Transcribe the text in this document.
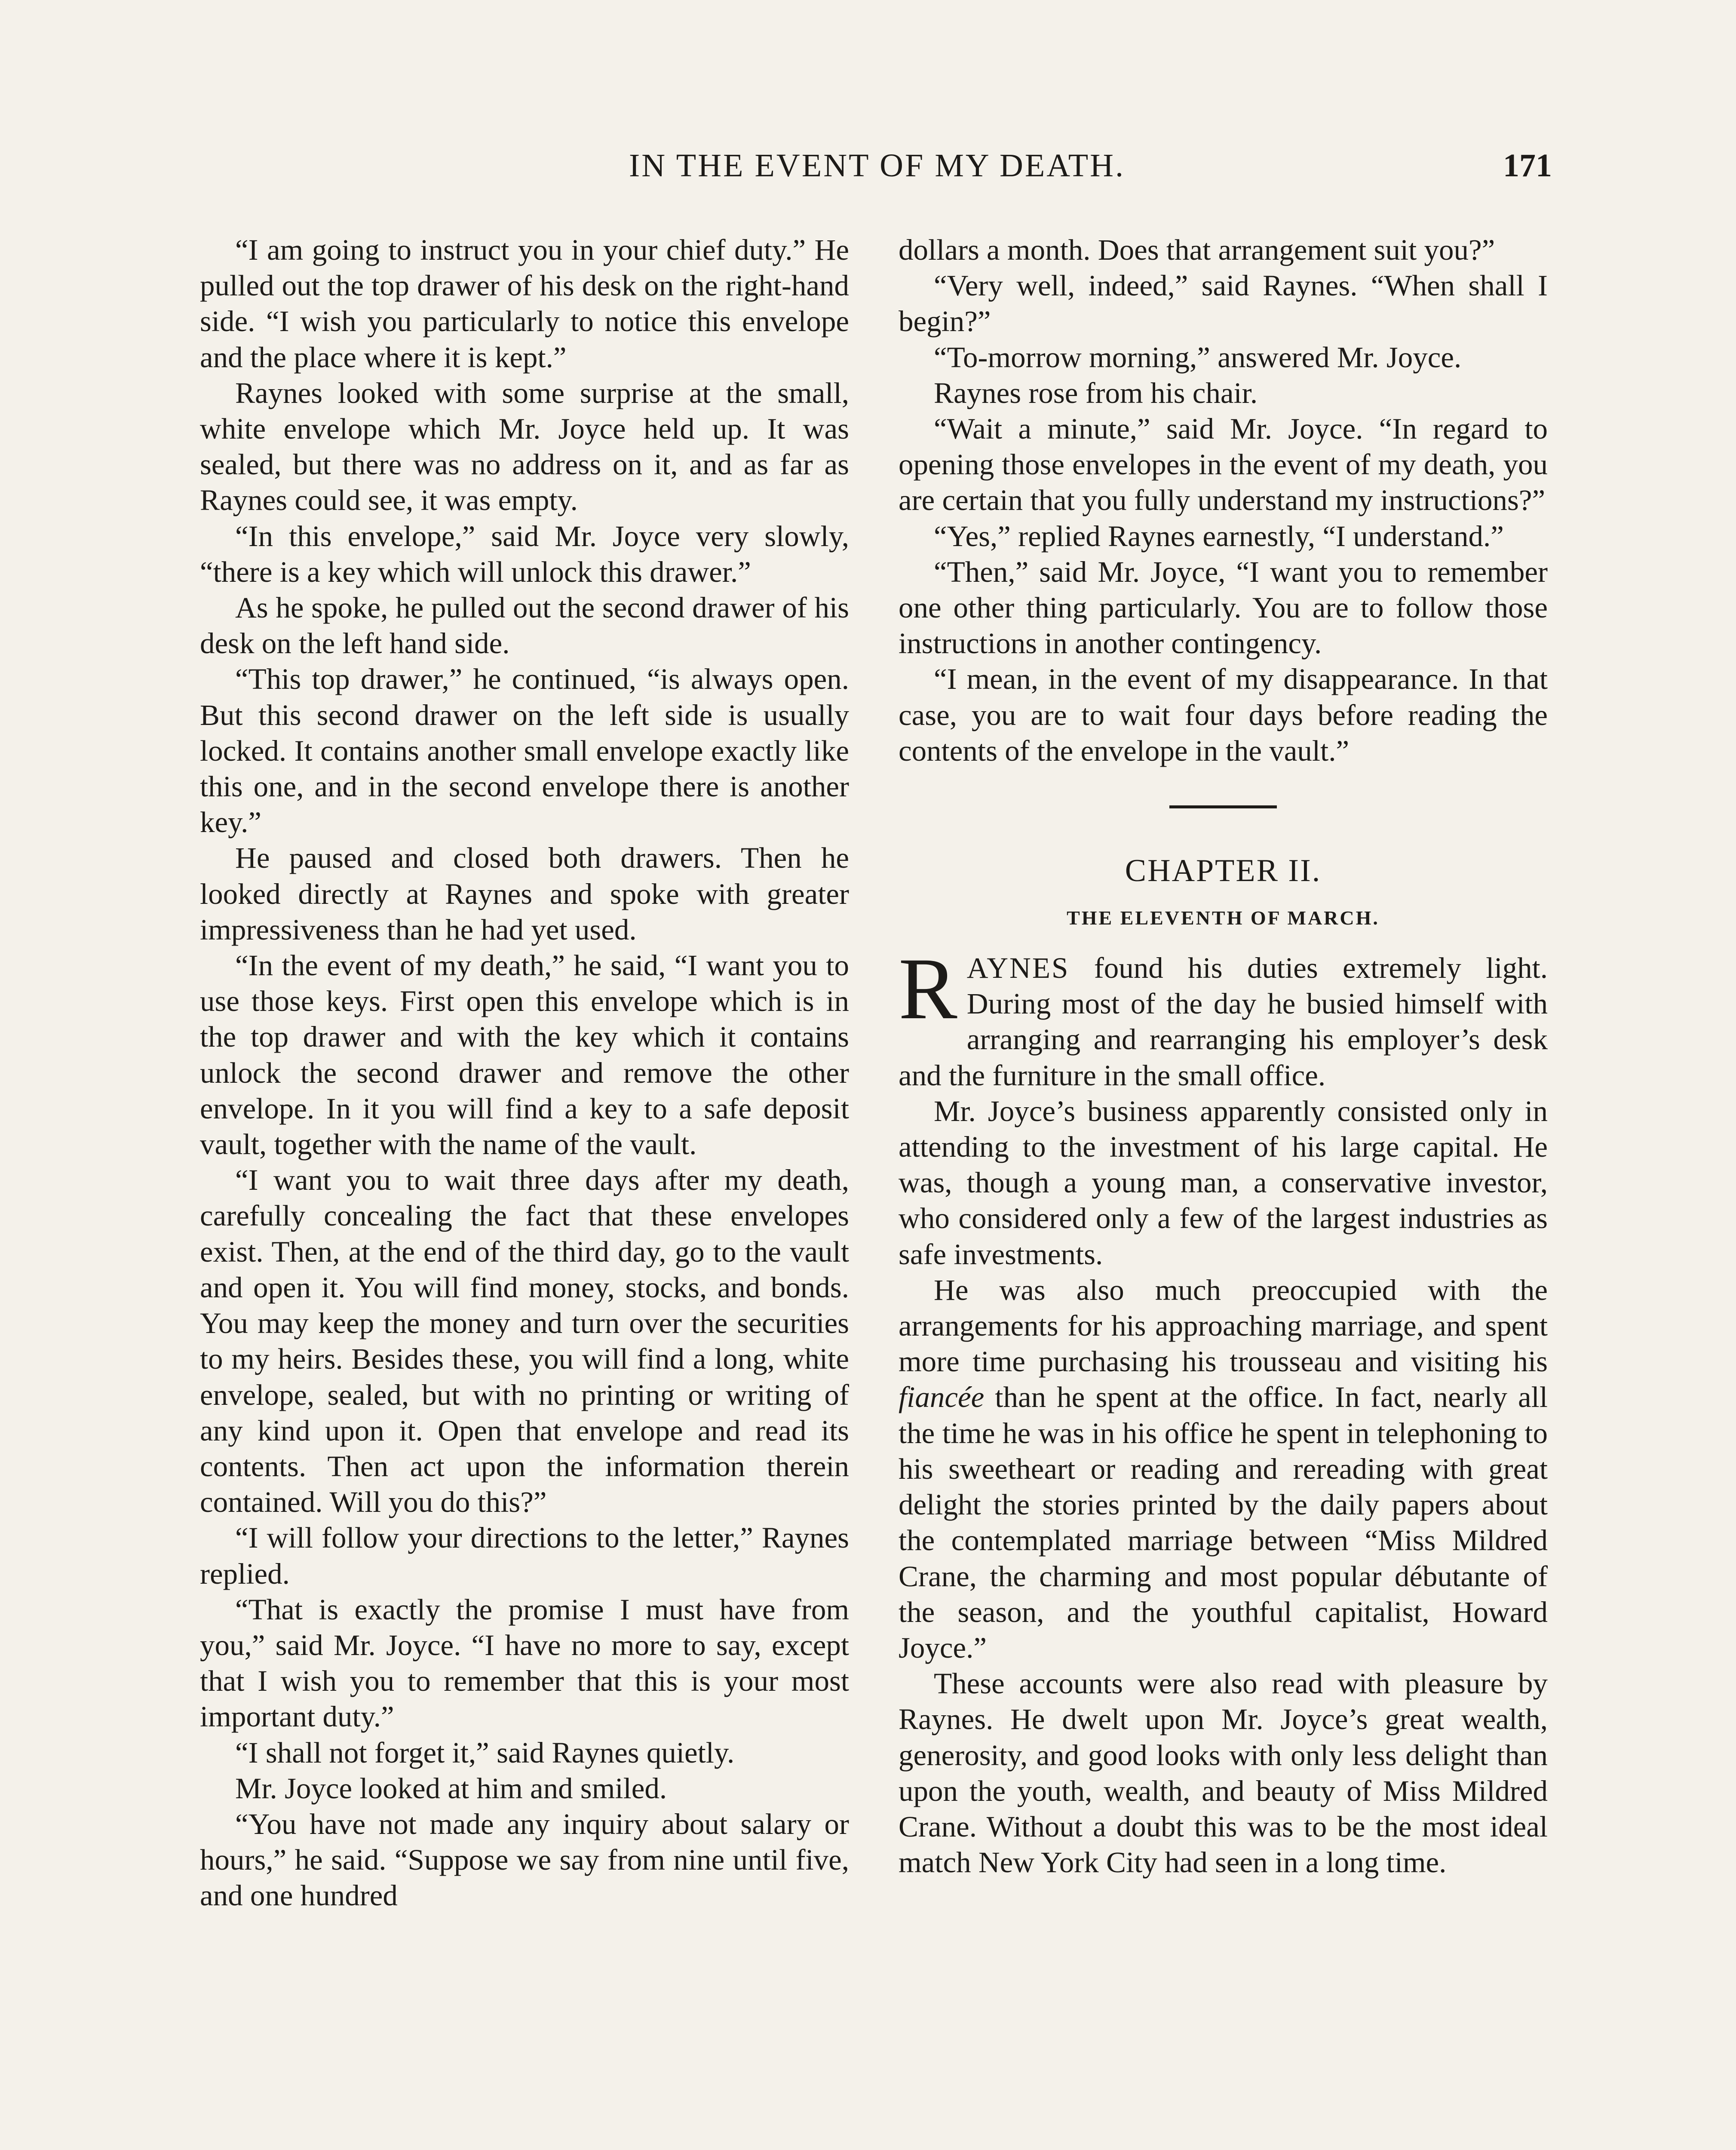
IN THE EVENT OF MY DEATH.	171

“I am going to instruct you in your chief duty.” He pulled out the top drawer of his desk on the right-hand side. “I wish you particularly to notice this envelope and the place where it is kept.”

Raynes looked with some surprise at the small, white envelope which Mr. Joyce held up. It was sealed, but there was no address on it, and as far as Raynes could see, it was empty.

“In this envelope,” said Mr. Joyce very slowly, “there is a key which will unlock this drawer.”

As he spoke, he pulled out the second drawer of his desk on the left hand side.

“This top drawer,” he continued, “is always open. But this second drawer on the left side is usually locked. It contains another small envelope exactly like this one, and in the second envelope there is another key.”

He paused and closed both drawers. Then he looked directly at Raynes and spoke with greater impressiveness than he had yet used.

“In the event of my death,” he said, “I want you to use those keys. First open this envelope which is in the top drawer and with the key which it contains unlock the second drawer and remove the other envelope. In it you will find a key to a safe deposit vault, together with the name of the vault.

“I want you to wait three days after my death, carefully concealing the fact that these envelopes exist. Then, at the end of the third day, go to the vault and open it. You will find money, stocks, and bonds. You may keep the money and turn over the securities to my heirs. Besides these, you will find a long, white envelope, sealed, but with no printing or writing of any kind upon it. Open that envelope and read its contents. Then act upon the information therein contained. Will you do this?”

“I will follow your directions to the letter,” Raynes replied.

“That is exactly the promise I must have from you,” said Mr. Joyce. “I have no more to say, except that I wish you to remember that this is your most important duty.”

“I shall not forget it,” said Raynes quietly.

Mr. Joyce looked at him and smiled.

“You have not made any inquiry about salary or hours,” he said. “Suppose we say from nine until five, and one hundred

dollars a month. Does that arrangement suit you?”

“Very well, indeed,” said Raynes. “When shall I begin?”

“To-morrow morning,” answered Mr. Joyce.

Raynes rose from his chair.

“Wait a minute,” said Mr. Joyce. “In regard to opening those envelopes in the event of my death, you are certain that you fully understand my instructions?”

“Yes,” replied Raynes earnestly, “I understand.”

“Then,” said Mr. Joyce, “I want you to remember one other thing particularly. You are to follow those instructions in another contingency.

“I mean, in the event of my disappearance. In that case, you are to wait four days before reading the contents of the envelope in the vault.”

CHAPTER II.
THE ELEVENTH OF MARCH.

RAYNES found his duties extremely light. During most of the day he busied himself with arranging and rearranging his employer’s desk and the furniture in the small office.

Mr. Joyce’s business apparently consisted only in attending to the investment of his large capital. He was, though a young man, a conservative investor, who considered only a few of the largest industries as safe investments.

He was also much preoccupied with the arrangements for his approaching marriage, and spent more time purchasing his trousseau and visiting his fiancée than he spent at the office. In fact, nearly all the time he was in his office he spent in telephoning to his sweetheart or reading and rereading with great delight the stories printed by the daily papers about the contemplated marriage between “Miss Mildred Crane, the charming and most popular débutante of the season, and the youthful capitalist, Howard Joyce.”

These accounts were also read with pleasure by Raynes. He dwelt upon Mr. Joyce’s great wealth, generosity, and good looks with only less delight than upon the youth, wealth, and beauty of Miss Mildred Crane. Without a doubt this was to be the most ideal match New York City had seen in a long time.
